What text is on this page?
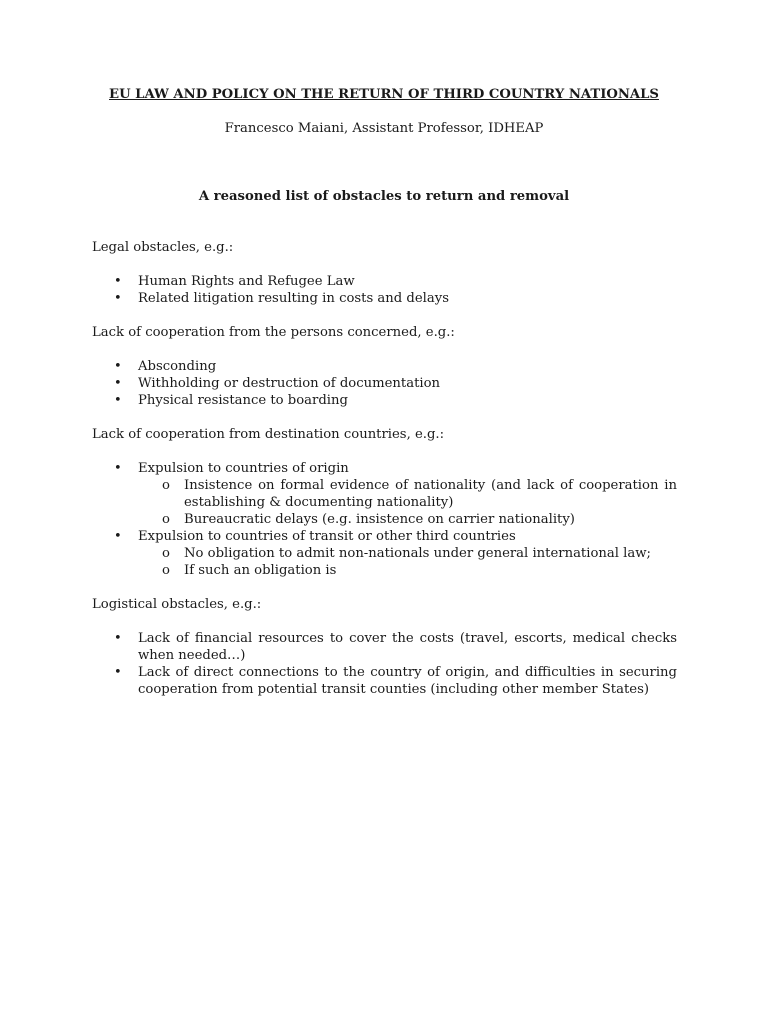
EU LAW AND POLICY ON THE RETURN OF THIRD COUNTRY NATIONALS
Francesco Maiani, Assistant Professor, IDHEAP
A reasoned list of obstacles to return and removal

Legal obstacles, e.g.:

• Human Rights and Refugee Law
• Related litigation resulting in costs and delays

Lack of cooperation from the persons concerned, e.g.:

• Absconding
• Withholding or destruction of documentation
• Physical resistance to boarding

Lack of cooperation from destination countries, e.g.:

• Expulsion to countries of origin
o Insistence on formal evidence of nationality (and lack of cooperation in establishing & documenting nationality)
o Bureaucratic delays (e.g. insistence on carrier nationality)
• Expulsion to countries of transit or other third countries
o No obligation to admit non-nationals under general international law;
o If such an obligation is

Logistical obstacles, e.g.:

• Lack of financial resources to cover the costs (travel, escorts, medical checks when needed…)
• Lack of direct connections to the country of origin, and difficulties in securing cooperation from potential transit counties (including other member States)
